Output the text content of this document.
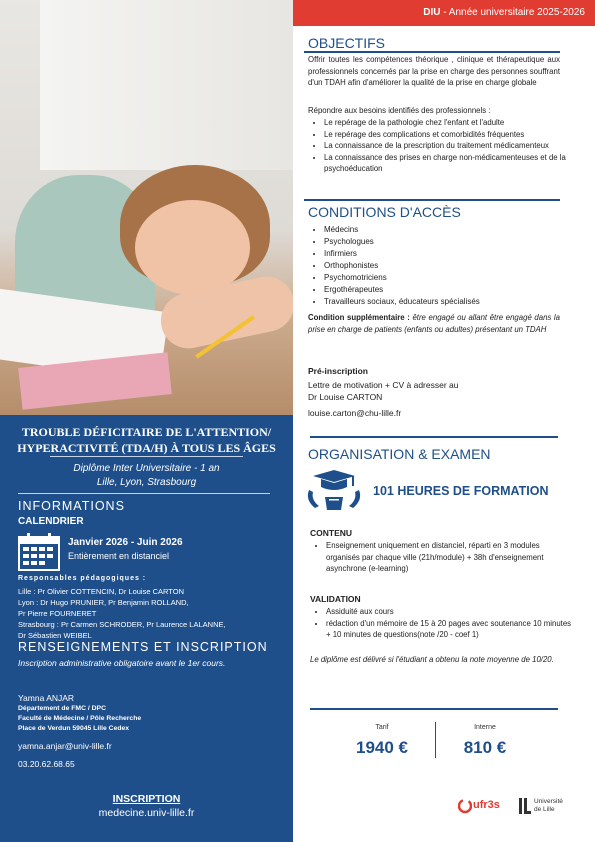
DIU - Année universitaire 2025-2026
TROUBLE DÉFICITAIRE DE L'ATTENTION/
HYPERACTIVITÉ (TDA/H) À TOUS LES ÂGES
Diplôme Inter Universitaire - 1 an
Lille, Lyon, Strasbourg
INFORMATIONS
CALENDRIER
Janvier 2026 - Juin 2026
Entièrement en distanciel
Responsables pédagogiques :
Lille : Pr Olivier COTTENCIN, Dr Louise CARTON
Lyon : Dr Hugo PRUNIER, Pr Benjamin ROLLAND,
Pr Pierre FOURNERET
Strasbourg : Pr Carmen SCHRODER, Pr Laurence LALANNE,
Dr Sébastien WEIBEL
RENSEIGNEMENTS ET INSCRIPTION
Inscription administrative obligatoire avant le 1er cours.
Yamna ANJAR
Département de FMC / DPC
Faculté de Médecine / Pôle Recherche
Place de Verdun 59045 Lille Cedex
yamna.anjar@univ-lille.fr
03.20.62.68.65
INSCRIPTION
medecine.univ-lille.fr
OBJECTIFS
Offrir toutes les compétences théorique , clinique et thérapeutique aux professionnels concernés par la prise en charge des personnes souffrant d'un TDAH afin d'améliorer la qualité de la prise en charge globale
Répondre aux besoins identifiés des professionnels :
• Le repérage de la pathologie chez l'enfant et l'adulte
• Le repérage des complications et comorbidités fréquentes
• La connaissance de la prescription du traitement médicamenteux
• La connaissance des prises en charge non-médicamenteuses et de la psychoéducation
CONDITIONS D'ACCÈS
• Médecins
• Psychologues
• Infirmiers
• Orthophonistes
• Psychomotriciens
• Ergothérapeutes
• Travailleurs sociaux, éducateurs spécialisés
Condition supplémentaire : être engagé ou allant être engagé dans la prise en charge de patients (enfants ou adultes) présentant un TDAH
Pré-inscription
Lettre de motivation + CV à adresser au
Dr Louise CARTON
louise.carton@chu-lille.fr
ORGANISATION & EXAMEN
101 HEURES DE FORMATION
CONTENU
• Enseignement uniquement en distanciel, réparti en 3 modules organisés par chaque ville (21h/module) + 38h d'enseignement asynchrone (e-learning)
VALIDATION
• Assiduité aux cours
• rédaction d'un mémoire de 15 à 20 pages avec soutenance 10 minutes + 10 minutes de questions(note /20 - coef 1)
Le diplôme est délivré si l'étudiant a obtenu la note moyenne de 10/20.
Tarif
1940 €
Interne
810 €
ufr3s	Université de Lille
